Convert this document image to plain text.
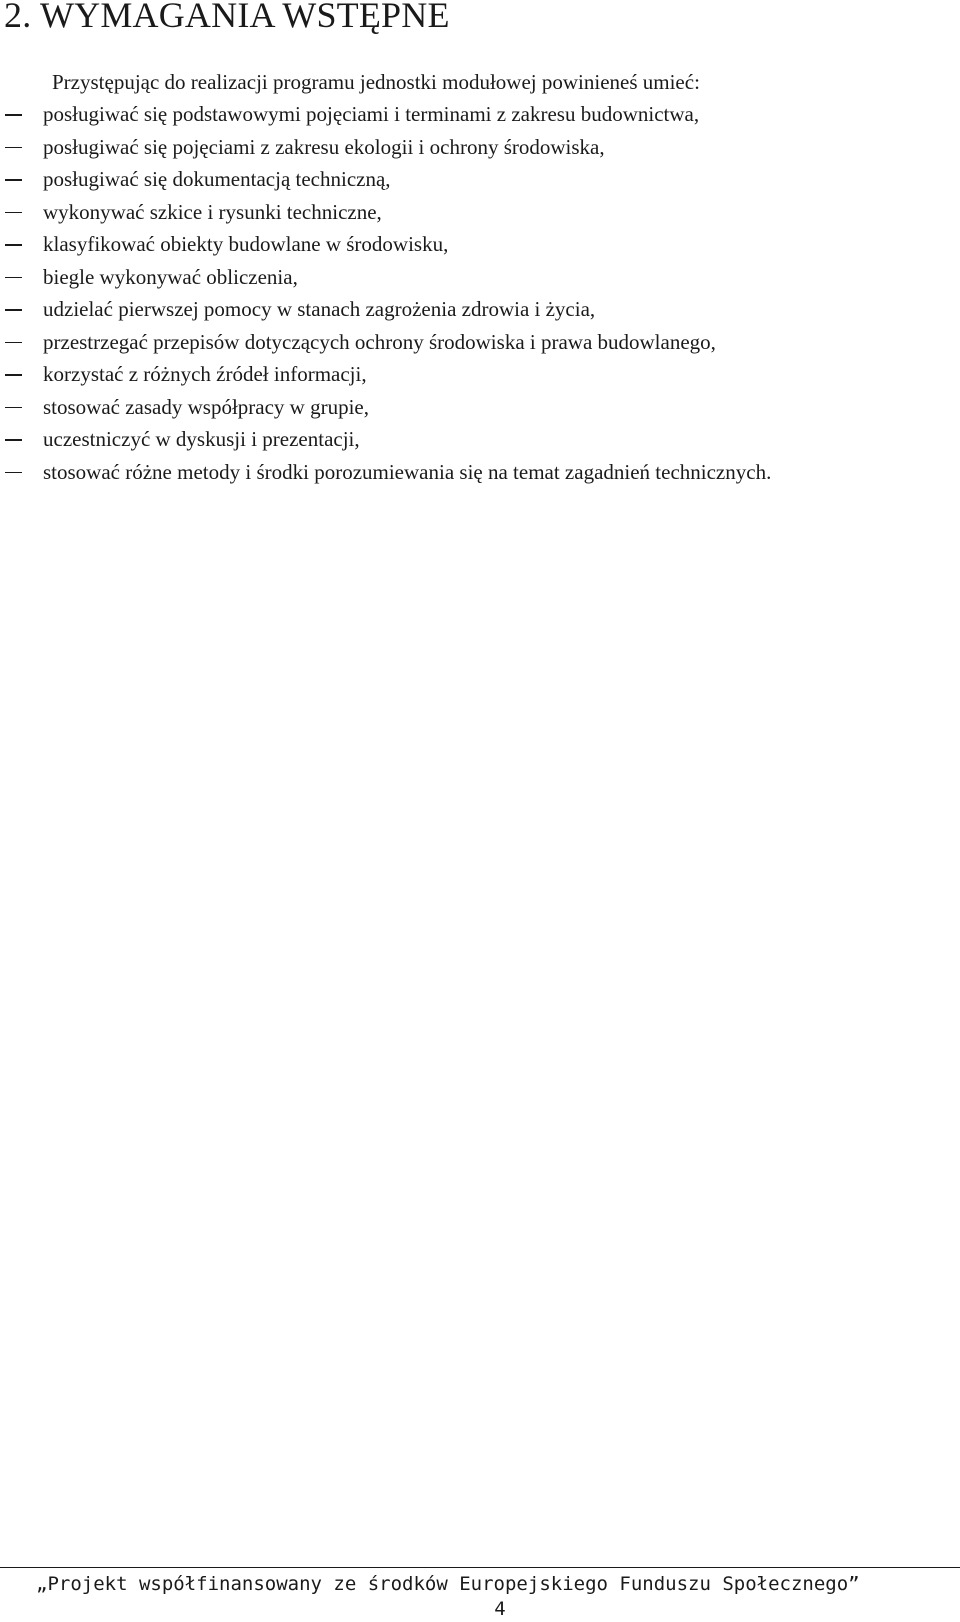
2. WYMAGANIA WSTĘPNE

Przystępując do realizacji programu jednostki modułowej powinieneś umieć:

posługiwać się podstawowymi pojęciami i terminami z zakresu budownictwa,
posługiwać się pojęciami z zakresu ekologii i ochrony środowiska,
posługiwać się dokumentacją techniczną,
wykonywać szkice i rysunki techniczne,
klasyfikować obiekty budowlane w środowisku,
biegle wykonywać obliczenia,
udzielać pierwszej pomocy w stanach zagrożenia zdrowia i życia,
przestrzegać przepisów dotyczących ochrony środowiska i prawa budowlanego,
korzystać z różnych źródeł informacji,
stosować zasady współpracy w grupie,
uczestniczyć w dyskusji i prezentacji,
stosować różne metody i środki porozumiewania się na temat zagadnień technicznych.

„Projekt współfinansowany ze środków Europejskiego Funduszu Społecznego”

4
